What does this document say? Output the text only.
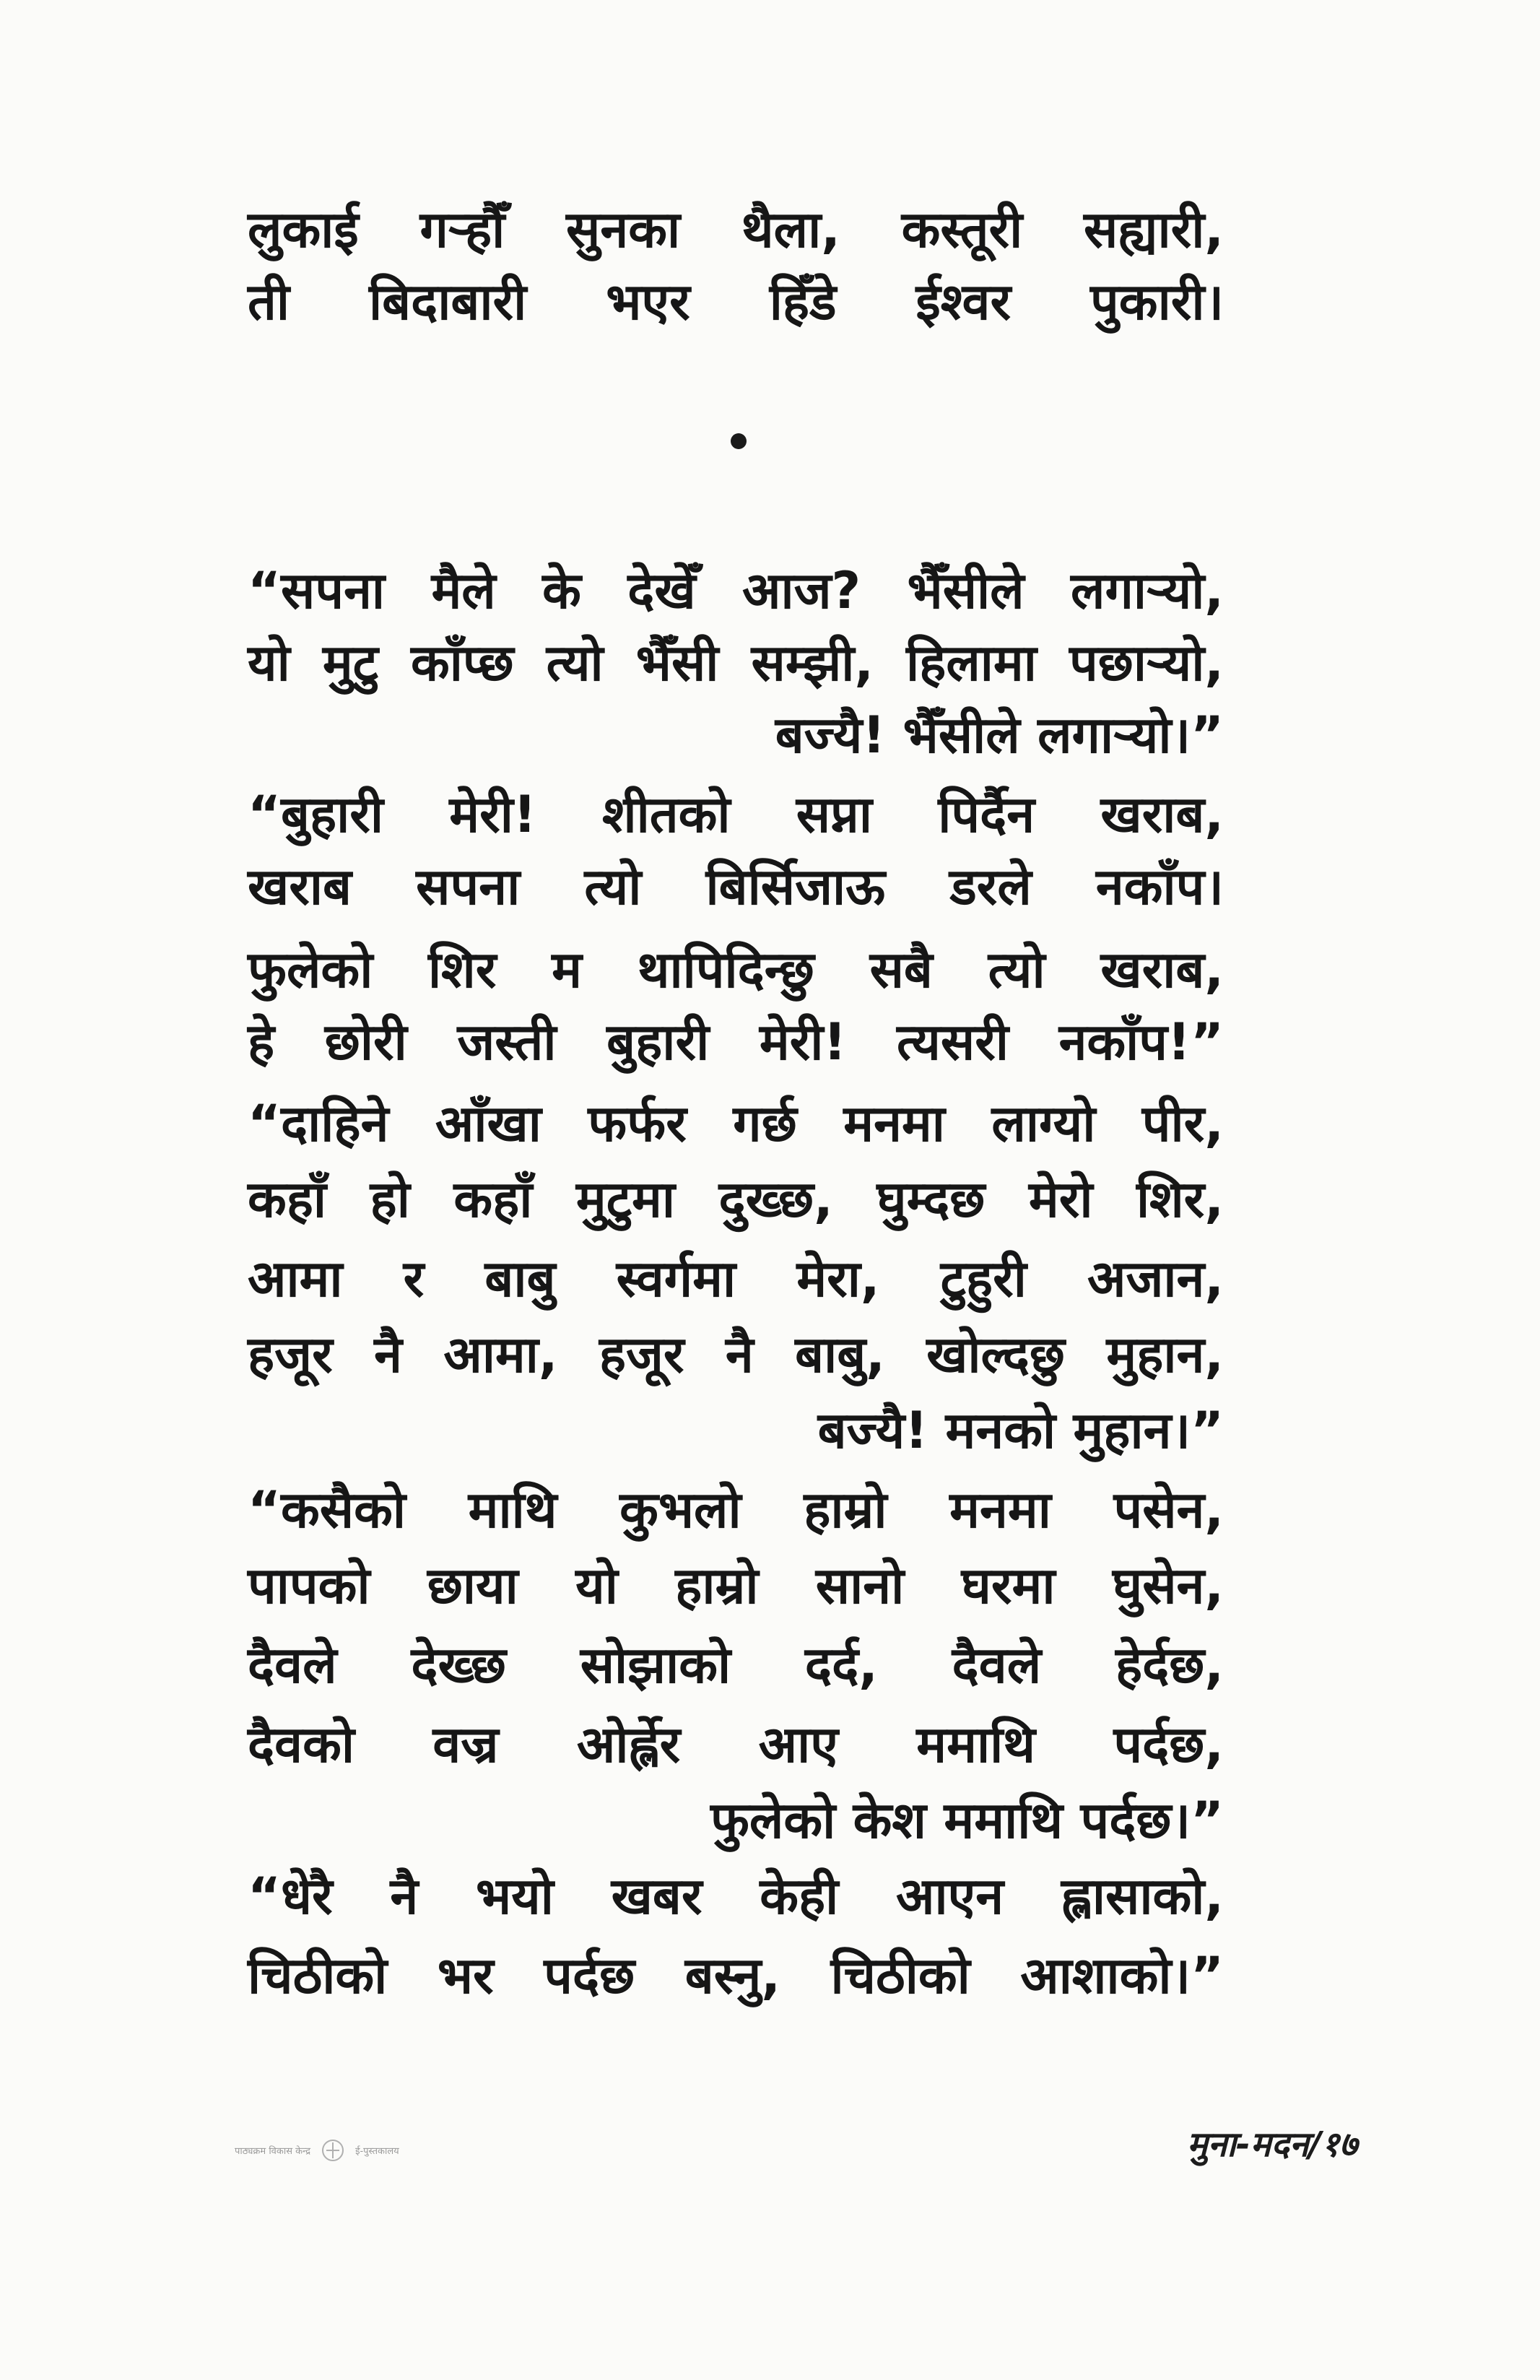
लुकाई गऱ्हौँ सुनका थैला, कस्तूरी सह्यारी,
ती बिदाबारी भएर हिँडे ईश्वर पुकारी।
“सपना मैले के देखेँ आज? भैँसीले लगाऱ्यो,
यो मुटु काँप्छ त्यो भैँसी सम्झी, हिलामा पछाऱ्यो,
बज्यै! भैँसीले लगाऱ्यो।”
“बुहारी मेरी! शीतको सप्ना पिर्दैन खराब,
खराब सपना त्यो बिर्सिजाऊ डरले नकाँप।
फुलेको शिर म थापिदिन्छु सबै त्यो खराब,
हे छोरी जस्ती बुहारी मेरी! त्यसरी नकाँप!”
“दाहिने आँखा फर्फर गर्छ मनमा लाग्यो पीर,
कहाँ हो कहाँ मुटुमा दुख्छ, घुम्दछ मेरो शिर,
आमा र बाबु स्वर्गमा मेरा, टुहुरी अजान,
हजूर नै आमा, हजूर नै बाबु, खोल्दछु मुहान,
बज्यै! मनको मुहान।”
“कसैको माथि कुभलो हाम्रो मनमा पसेन,
पापको छाया यो हाम्रो सानो घरमा घुसेन,
दैवले देख्छ सोझाको दर्द, दैवले हेर्दछ,
दैवको वज्र ओर्ह्लेर आए ममाथि पर्दछ,
फुलेको केश ममाथि पर्दछ।”
“धेरै नै भयो खबर केही आएन ह्लासाको,
चिठीको भर पर्दछ बस्नु, चिठीको आशाको।”
पाठ्यक्रम विकास केन्द्र	ई-पुस्तकालय	मुना-मदन/१७
